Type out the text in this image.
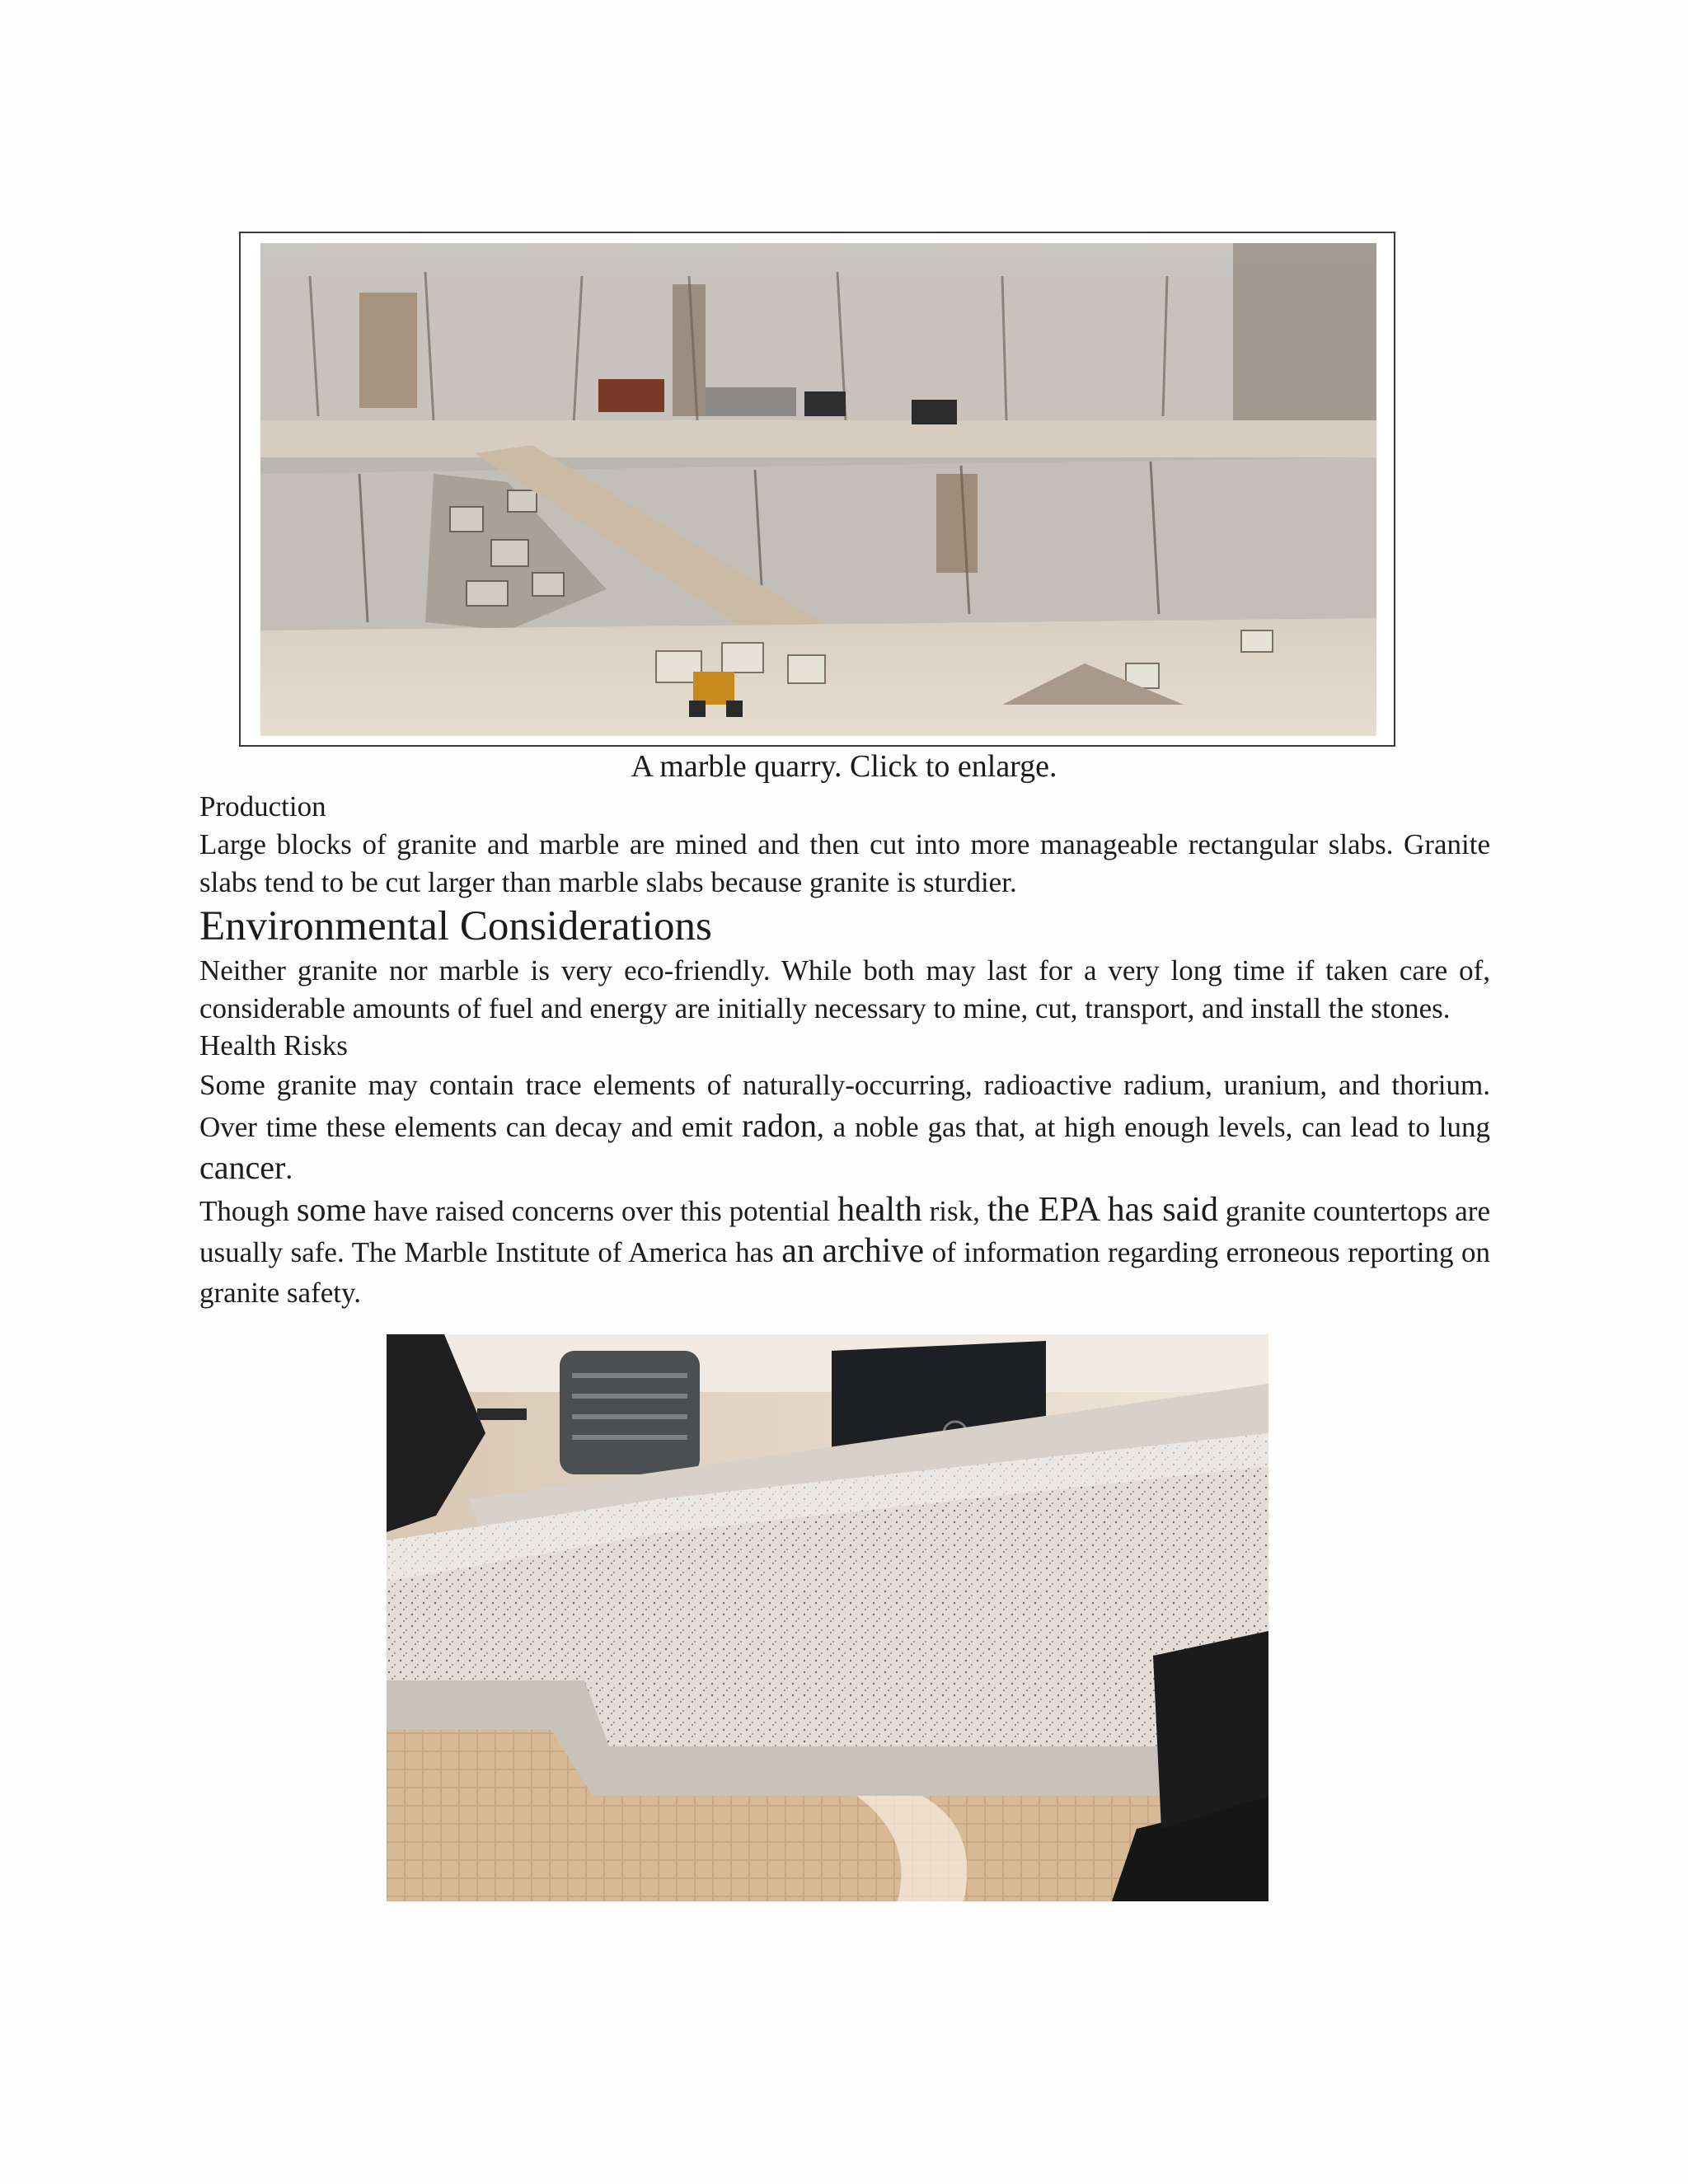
A marble quarry. Click to enlarge.
Production
Large blocks of granite and marble are mined and then cut into more manageable rectangular slabs. Granite slabs tend to be cut larger than marble slabs because granite is sturdier.
Environmental Considerations
Neither granite nor marble is very eco-friendly. While both may last for a very long time if taken care of, considerable amounts of fuel and energy are initially necessary to mine, cut, transport, and install the stones.
Health Risks
Some granite may contain trace elements of naturally-occurring, radioactive radium, uranium, and thorium. Over time these elements can decay and emit radon, a noble gas that, at high enough levels, can lead to lung cancer.
Though some have raised concerns over this potential health risk, the EPA has said granite countertops are usually safe. The Marble Institute of America has an archive of information regarding erroneous reporting on granite safety.
